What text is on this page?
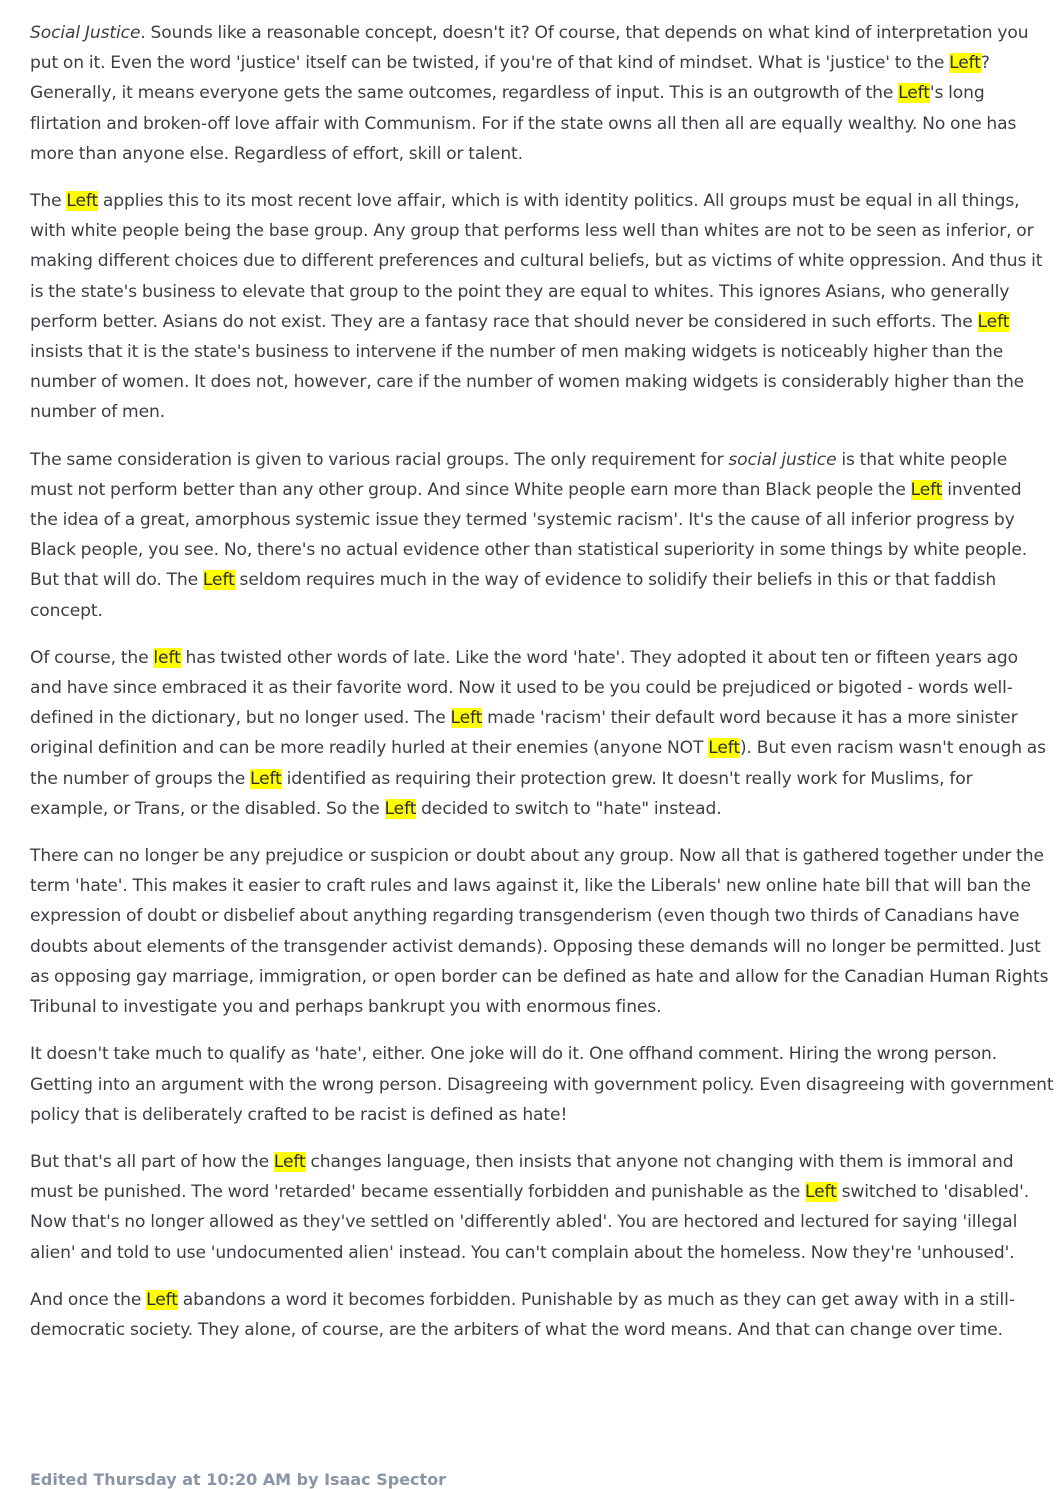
Social Justice. Sounds like a reasonable concept, doesn't it? Of course, that depends on what kind of interpretation you put on it. Even the word 'justice' itself can be twisted, if you're of that kind of mindset. What is 'justice' to the Left? Generally, it means everyone gets the same outcomes, regardless of input. This is an outgrowth of the Left's long flirtation and broken-off love affair with Communism. For if the state owns all then all are equally wealthy. No one has more than anyone else. Regardless of effort, skill or talent.

The Left applies this to its most recent love affair, which is with identity politics. All groups must be equal in all things, with white people being the base group. Any group that performs less well than whites are not to be seen as inferior, or making different choices due to different preferences and cultural beliefs, but as victims of white oppression. And thus it is the state's business to elevate that group to the point they are equal to whites. This ignores Asians, who generally perform better. Asians do not exist. They are a fantasy race that should never be considered in such efforts. The Left insists that it is the state's business to intervene if the number of men making widgets is noticeably higher than the number of women. It does not, however, care if the number of women making widgets is considerably higher than the number of men.

The same consideration is given to various racial groups. The only requirement for social justice is that white people must not perform better than any other group. And since White people earn more than Black people the Left invented the idea of a great, amorphous systemic issue they termed 'systemic racism'. It's the cause of all inferior progress by Black people, you see. No, there's no actual evidence other than statistical superiority in some things by white people. But that will do. The Left seldom requires much in the way of evidence to solidify their beliefs in this or that faddish concept.

Of course, the left has twisted other words of late. Like the word 'hate'. They adopted it about ten or fifteen years ago and have since embraced it as their favorite word. Now it used to be you could be prejudiced or bigoted - words well-defined in the dictionary, but no longer used. The Left made 'racism' their default word because it has a more sinister original definition and can be more readily hurled at their enemies (anyone NOT Left). But even racism wasn't enough as the number of groups the Left identified as requiring their protection grew. It doesn't really work for Muslims, for example, or Trans, or the disabled. So the Left decided to switch to "hate" instead.

There can no longer be any prejudice or suspicion or doubt about any group. Now all that is gathered together under the term 'hate'. This makes it easier to craft rules and laws against it, like the Liberals' new online hate bill that will ban the expression of doubt or disbelief about anything regarding transgenderism (even though two thirds of Canadians have doubts about elements of the transgender activist demands). Opposing these demands will no longer be permitted. Just as opposing gay marriage, immigration, or open border can be defined as hate and allow for the Canadian Human Rights Tribunal to investigate you and perhaps bankrupt you with enormous fines.

It doesn't take much to qualify as 'hate', either. One joke will do it. One offhand comment. Hiring the wrong person. Getting into an argument with the wrong person. Disagreeing with government policy. Even disagreeing with government policy that is deliberately crafted to be racist is defined as hate!

But that's all part of how the Left changes language, then insists that anyone not changing with them is immoral and must be punished. The word 'retarded' became essentially forbidden and punishable as the Left switched to 'disabled'. Now that's no longer allowed as they've settled on 'differently abled'. You are hectored and lectured for saying 'illegal alien' and told to use 'undocumented alien' instead. You can't complain about the homeless. Now they're 'unhoused'.

And once the Left abandons a word it becomes forbidden. Punishable by as much as they can get away with in a still-democratic society. They alone, of course, are the arbiters of what the word means. And that can change over time.

Edited Thursday at 10:20 AM by Isaac Spector
